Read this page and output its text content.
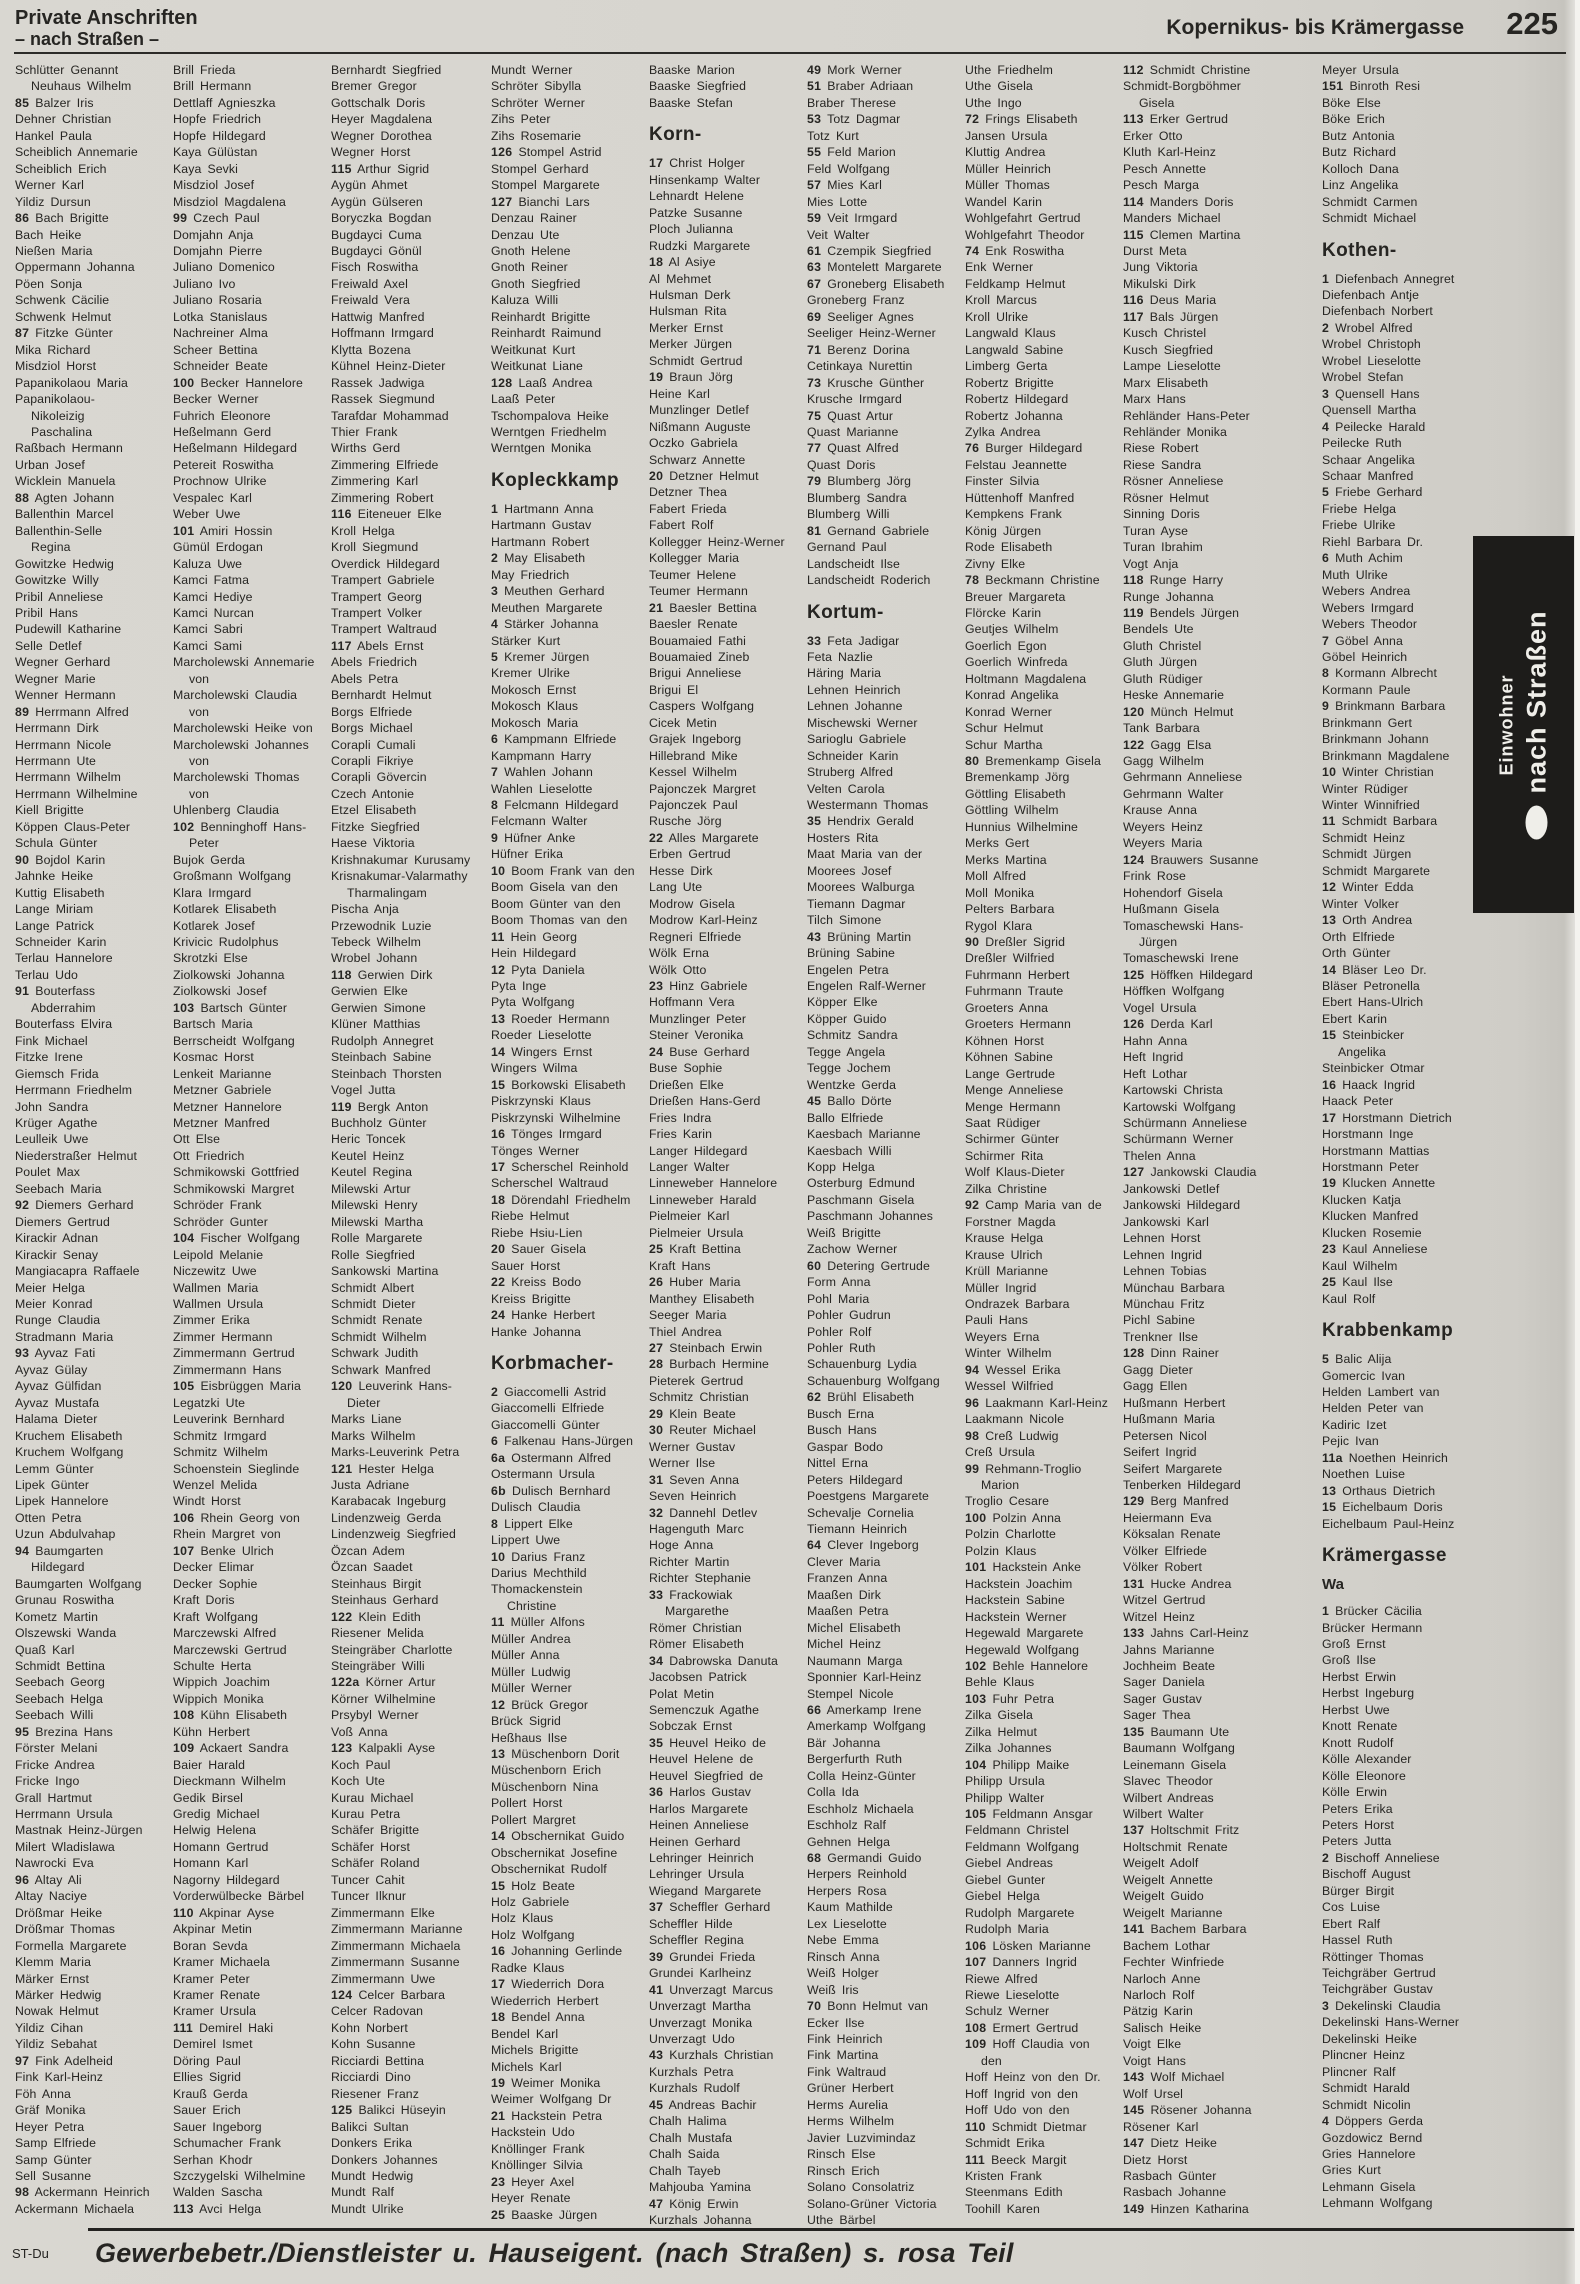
Private Anschriften
– nach Straßen –	Kopernikus- bis Krämergasse 225
Schlütter Genannt
Neuhaus Wilhelm
85 Balzer Iris
Dehner Christian
Hankel Paula
Scheiblich Annemarie
Scheiblich Erich
Werner Karl
Yildiz Dursun
86 Bach Brigitte
Bach Heike
Nießen Maria
Oppermann Johanna
Pöen Sonja
Schwenk Cäcilie
Schwenk Helmut
87 Fitzke Günter
Mika Richard
Misdziol Horst
Papanikolaou Maria
Papanikolaou-
Nikoleizig
Paschalina
Raßbach Hermann
Urban Josef
Wicklein Manuela
88 Agten Johann
Ballenthin Marcel
Ballenthin-Selle
Regina
Gowitzke Hedwig
Gowitzke Willy
Pribil Anneliese
Pribil Hans
Pudewill Katharine
Selle Detlef
Wegner Gerhard
Wegner Marie
Wenner Hermann
89 Herrmann Alfred
Herrmann Dirk
Herrmann Nicole
Herrmann Ute
Herrmann Wilhelm
Herrmann Wilhelmine
Kiell Brigitte
Köppen Claus-Peter
Schula Günter
90 Bojdol Karin
Jahnke Heike
Kuttig Elisabeth
Lange Miriam
Lange Patrick
Schneider Karin
Terlau Hannelore
Terlau Udo
91 Bouterfass
Abderrahim
Bouterfass Elvira
Fink Michael
Fitzke Irene
Giemsch Frida
Herrmann Friedhelm
John Sandra
Krüger Agathe
Leulleik Uwe
Niederstraßer Helmut
Poulet Max
Seebach Maria
92 Diemers Gerhard
Diemers Gertrud
Kirackir Adnan
Kirackir Senay
Mangiacapra Raffaele
Meier Helga
Meier Konrad
Runge Claudia
Stradmann Maria
93 Ayvaz Fati
Ayvaz Gülay
Ayvaz Gülfidan
Ayvaz Mustafa
Halama Dieter
Kruchem Elisabeth
Kruchem Wolfgang
Lemm Günter
Lipek Günter
Lipek Hannelore
Otten Petra
Uzun Abdulvahap
94 Baumgarten
Hildegard
Baumgarten Wolfgang
Grunau Roswitha
Kometz Martin
Olszewski Wanda
Quaß Karl
Schmidt Bettina
Seebach Georg
Seebach Helga
Seebach Willi
95 Brezina Hans
Förster Melani
Fricke Andrea
Fricke Ingo
Grall Hartmut
Herrmann Ursula
Mastnak Heinz-Jürgen
Milert Wladislawa
Nawrocki Eva
96 Altay Ali
Altay Naciye
Drößmar Heike
Drößmar Thomas
Formella Margarete
Klemm Maria
Märker Ernst
Märker Hedwig
Nowak Helmut
Yildiz Cihan
Yildiz Sebahat
97 Fink Adelheid
Fink Karl-Heinz
Föh Anna
Gräf Monika
Heyer Petra
Samp Elfriede
Samp Günter
Sell Susanne
98 Ackermann Heinrich
Ackermann Michaela
Brill Frieda
Brill Hermann
Dettlaff Agnieszka
Hopfe Friedrich
Hopfe Hildegard
Kaya Gülüstan
Kaya Sevki
Misdziol Josef
Misdziol Magdalena
99 Czech Paul
Domjahn Anja
Domjahn Pierre
Juliano Domenico
Juliano Ivo
Juliano Rosaria
Lotka Stanislaus
Nachreiner Alma
Scheer Bettina
Schneider Beate
100 Becker Hannelore
Becker Werner
Fuhrich Eleonore
Heßelmann Gerd
Heßelmann Hildegard
Petereit Roswitha
Prochnow Ulrike
Vespalec Karl
Weber Uwe
101 Amiri Hossin
Gümül Erdogan
Kaluza Uwe
Kamci Fatma
Kamci Hediye
Kamci Nurcan
Kamci Sabri
Kamci Sami
Marcholewski Annemarie
von
Marcholewski Claudia
von
Marcholewski Heike von
Marcholewski Johannes
von
Marcholewski Thomas
von
Uhlenberg Claudia
102 Benninghoff Hans-
Peter
Bujok Gerda
Großmann Wolfgang
Klara Irmgard
Kotlarek Elisabeth
Kotlarek Josef
Krivicic Rudolphus
Skrotzki Else
Ziolkowski Johanna
Ziolkowski Josef
103 Bartsch Günter
Bartsch Maria
Berrscheidt Wolfgang
Kosmac Horst
Lenkeit Marianne
Metzner Gabriele
Metzner Hannelore
Metzner Manfred
Ott Else
Ott Friedrich
Schmikowski Gottfried
Schmikowski Margret
Schröder Frank
Schröder Gunter
104 Fischer Wolfgang
Leipold Melanie
Niczewitz Uwe
Wallmen Maria
Wallmen Ursula
Zimmer Erika
Zimmer Hermann
Zimmermann Gertrud
Zimmermann Hans
105 Eisbrüggen Maria
Legatzki Ute
Leuverink Bernhard
Schmitz Irmgard
Schmitz Wilhelm
Schoenstein Sieglinde
Wenzel Melida
Windt Horst
106 Rhein Georg von
Rhein Margret von
107 Benke Ulrich
Decker Elimar
Decker Sophie
Kraft Doris
Kraft Wolfgang
Marczewski Alfred
Marczewski Gertrud
Schulte Herta
Wippich Joachim
Wippich Monika
108 Kühn Elisabeth
Kühn Herbert
109 Ackaert Sandra
Baier Harald
Dieckmann Wilhelm
Gedik Birsel
Gredig Michael
Helwig Helena
Homann Gertrud
Homann Karl
Nagorny Hildegard
Vorderwülbecke Bärbel
110 Akpinar Ayse
Akpinar Metin
Boran Sevda
Kramer Michaela
Kramer Peter
Kramer Renate
Kramer Ursula
111 Demirel Haki
Demirel Ismet
Döring Paul
Ellies Sigrid
Krauß Gerda
Sauer Erich
Sauer Ingeborg
Schumacher Frank
Serhan Khodr
Szczygelski Wilhelmine
Walden Sascha
113 Avci Helga
Bernhardt Siegfried
Bremer Gregor
Gottschalk Doris
Heyer Magdalena
Wegner Dorothea
Wegner Horst
115 Arthur Sigrid
Aygün Ahmet
Aygün Gülseren
Boryczka Bogdan
Bugdayci Cuma
Bugdayci Gönül
Fisch Roswitha
Freiwald Axel
Freiwald Vera
Hattwig Manfred
Hoffmann Irmgard
Klytta Bozena
Kühnel Heinz-Dieter
Rassek Jadwiga
Rassek Siegmund
Tarafdar Mohammad
Thier Frank
Wirths Gerd
Zimmering Elfriede
Zimmering Karl
Zimmering Robert
116 Eiteneuer Elke
Kroll Helga
Kroll Siegmund
Overdick Hildegard
Trampert Gabriele
Trampert Georg
Trampert Volker
Trampert Waltraud
117 Abels Ernst
Abels Friedrich
Abels Petra
Bernhardt Helmut
Borgs Elfriede
Borgs Michael
Corapli Cumali
Corapli Fikriye
Corapli Gövercin
Czech Antonie
Etzel Elisabeth
Fitzke Siegfried
Haese Viktoria
Krishnakumar Kurusamy
Krisnakumar-Valarmathy
Tharmalingam
Pischa Anja
Przewodnik Luzie
Tebeck Wilhelm
Wrobel Johann
118 Gerwien Dirk
Gerwien Elke
Gerwien Simone
Klüner Matthias
Rudolph Annegret
Steinbach Sabine
Steinbach Thorsten
Vogel Jutta
119 Bergk Anton
Buchholz Günter
Heric Toncek
Keutel Heinz
Keutel Regina
Milewski Artur
Milewski Henry
Milewski Martha
Rolle Margarete
Rolle Siegfried
Sankowski Martina
Schmidt Albert
Schmidt Dieter
Schmidt Renate
Schmidt Wilhelm
Schwark Judith
Schwark Manfred
120 Leuverink Hans-
Dieter
Marks Liane
Marks Wilhelm
Marks-Leuverink Petra
121 Hester Helga
Justa Adriane
Karabacak Ingeburg
Lindenzweig Gerda
Lindenzweig Siegfried
Özcan Adem
Özcan Saadet
Steinhaus Birgit
Steinhaus Gerhard
122 Klein Edith
Riesener Melida
Steingräber Charlotte
Steingräber Willi
122a Körner Artur
Körner Wilhelmine
Prsybyl Werner
Voß Anna
123 Kalpakli Ayse
Koch Paul
Koch Ute
Kurau Michael
Kurau Petra
Schäfer Brigitte
Schäfer Horst
Schäfer Roland
Tuncer Cahit
Tuncer Ilknur
Zimmermann Elke
Zimmermann Marianne
Zimmermann Michaela
Zimmermann Susanne
Zimmermann Uwe
124 Celcer Barbara
Celcer Radovan
Kohn Norbert
Kohn Susanne
Ricciardi Bettina
Ricciardi Dino
Riesener Franz
125 Balikci Hüseyin
Balikci Sultan
Donkers Erika
Donkers Johannes
Mundt Hedwig
Mundt Ralf
Mundt Ulrike
Mundt Werner
Schröter Sibylla
Schröter Werner
Zihs Peter
Zihs Rosemarie
126 Stompel Astrid
Stompel Gerhard
Stompel Margarete
127 Bianchi Lars
Denzau Rainer
Denzau Ute
Gnoth Helene
Gnoth Reiner
Gnoth Siegfried
Kaluza Willi
Reinhardt Brigitte
Reinhardt Raimund
Weitkunat Kurt
Weitkunat Liane
128 Laaß Andrea
Laaß Peter
Tschompalova Heike
Werntgen Friedhelm
Werntgen Monika
Kopleckkamp
1 Hartmann Anna
Hartmann Gustav
Hartmann Robert
2 May Elisabeth
May Friedrich
3 Meuthen Gerhard
Meuthen Margarete
4 Stärker Johanna
Stärker Kurt
5 Kremer Jürgen
Kremer Ulrike
Mokosch Ernst
Mokosch Klaus
Mokosch Maria
6 Kampmann Elfriede
Kampmann Harry
7 Wahlen Johann
Wahlen Lieselotte
8 Felcmann Hildegard
Felcmann Walter
9 Hüfner Anke
Hüfner Erika
10 Boom Frank van den
Boom Gisela van den
Boom Günter van den
Boom Thomas van den
11 Hein Georg
Hein Hildegard
12 Pyta Daniela
Pyta Inge
Pyta Wolfgang
13 Roeder Hermann
Roeder Lieselotte
14 Wingers Ernst
Wingers Wilma
15 Borkowski Elisabeth
Piskrzynski Klaus
Piskrzynski Wilhelmine
16 Tönges Irmgard
Tönges Werner
17 Scherschel Reinhold
Scherschel Waltraud
18 Dörendahl Friedhelm
Riebe Helmut
Riebe Hsiu-Lien
20 Sauer Gisela
Sauer Horst
22 Kreiss Bodo
Kreiss Brigitte
24 Hanke Herbert
Hanke Johanna
Korbmacher-
2 Giaccomelli Astrid
Giaccomelli Elfriede
Giaccomelli Günter
6 Falkenau Hans-Jürgen
6a Ostermann Alfred
Ostermann Ursula
6b Dulisch Bernhard
Dulisch Claudia
8 Lippert Elke
Lippert Uwe
10 Darius Franz
Darius Mechthild
Thomackenstein
Christine
11 Müller Alfons
Müller Andrea
Müller Anna
Müller Ludwig
Müller Werner
12 Brück Gregor
Brück Sigrid
Heßhaus Ilse
13 Müschenborn Dorit
Müschenborn Erich
Müschenborn Nina
Pollert Horst
Pollert Margret
14 Obschernikat Guido
Obschernikat Josefine
Obschernikat Rudolf
15 Holz Beate
Holz Gabriele
Holz Klaus
Holz Wolfgang
16 Johanning Gerlinde
Radke Klaus
17 Wiederrich Dora
Wiederrich Herbert
18 Bendel Anna
Bendel Karl
Michels Brigitte
Michels Karl
19 Weimer Monika
Weimer Wolfgang Dr
21 Hackstein Petra
Hackstein Udo
Knöllinger Frank
Knöllinger Silvia
23 Heyer Axel
Heyer Renate
25 Baaske Jürgen
Baaske Marion
Baaske Siegfried
Baaske Stefan
Korn-
17 Christ Holger
Hinsenkamp Walter
Lehnardt Helene
Patzke Susanne
Ploch Julianna
Rudzki Margarete
18 Al Asiye
Al Mehmet
Hulsman Derk
Hulsman Rita
Merker Ernst
Merker Jürgen
Schmidt Gertrud
19 Braun Jörg
Heine Karl
Munzlinger Detlef
Nißmann Auguste
Oczko Gabriela
Schwarz Annette
20 Detzner Helmut
Detzner Thea
Fabert Frieda
Fabert Rolf
Kollegger Heinz-Werner
Kollegger Maria
Teumer Helene
Teumer Hermann
21 Baesler Bettina
Baesler Renate
Bouamaied Fathi
Bouamaied Zineb
Brigui Anneliese
Brigui El
Caspers Wolfgang
Cicek Metin
Grajek Ingeborg
Hillebrand Mike
Kessel Wilhelm
Pajonczek Margret
Pajonczek Paul
Rusche Jörg
22 Alles Margarete
Erben Gertrud
Hesse Dirk
Lang Ute
Modrow Gisela
Modrow Karl-Heinz
Regneri Elfriede
Wölk Erna
Wölk Otto
23 Hinz Gabriele
Hoffmann Vera
Munzlinger Peter
Steiner Veronika
24 Buse Gerhard
Buse Sophie
Drießen Elke
Drießen Hans-Gerd
Fries Indra
Fries Karin
Langer Hildegard
Langer Walter
Linneweber Hannelore
Linneweber Harald
Pielmeier Karl
Pielmeier Ursula
25 Kraft Bettina
Kraft Hans
26 Huber Maria
Manthey Elisabeth
Seeger Maria
Thiel Andrea
27 Steinbach Erwin
28 Burbach Hermine
Pieterek Gertrud
Schmitz Christian
29 Klein Beate
30 Reuter Michael
Werner Gustav
Werner Ilse
31 Seven Anna
Seven Heinrich
32 Dannehl Detlev
Hagenguth Marc
Hoge Anna
Richter Martin
Richter Stephanie
33 Frackowiak
Margarethe
Römer Christian
Römer Elisabeth
34 Dabrowska Danuta
Jacobsen Patrick
Polat Metin
Semenczuk Agathe
Sobczak Ernst
35 Heuvel Heiko de
Heuvel Helene de
Heuvel Siegfried de
36 Harlos Gustav
Harlos Margarete
Heinen Anneliese
Heinen Gerhard
Lehringer Heinrich
Lehringer Ursula
Wiegand Margarete
37 Scheffler Gerhard
Scheffler Hilde
Scheffler Regina
39 Grundei Frieda
Grundei Karlheinz
41 Unverzagt Marcus
Unverzagt Martha
Unverzagt Monika
Unverzagt Udo
43 Kurzhals Christian
Kurzhals Petra
Kurzhals Rudolf
45 Andreas Bachir
Chalh Halima
Chalh Mustafa
Chalh Saida
Chalh Tayeb
Mahjouba Yamina
47 König Erwin
Kurzhals Johanna
49 Mork Werner
51 Braber Adriaan
Braber Therese
53 Totz Dagmar
Totz Kurt
55 Feld Marion
Feld Wolfgang
57 Mies Karl
Mies Lotte
59 Veit Irmgard
Veit Walter
61 Czempik Siegfried
63 Montelett Margarete
67 Groneberg Elisabeth
Groneberg Franz
69 Seeliger Agnes
Seeliger Heinz-Werner
71 Berenz Dorina
Cetinkaya Nurettin
73 Krusche Günther
Krusche Irmgard
75 Quast Artur
Quast Marianne
77 Quast Alfred
Quast Doris
79 Blumberg Jörg
Blumberg Sandra
Blumberg Willi
81 Gernand Gabriele
Gernand Paul
Landscheidt Ilse
Landscheidt Roderich
Kortum-
33 Feta Jadigar
Feta Nazlie
Häring Maria
Lehnen Heinrich
Lehnen Johanne
Mischewski Werner
Sarioglu Gabriele
Schneider Karin
Struberg Alfred
Velten Carola
Westermann Thomas
35 Hendrix Gerald
Hosters Rita
Maat Maria van der
Moorees Josef
Moorees Walburga
Tiemann Dagmar
Tilch Simone
43 Brüning Martin
Brüning Sabine
Engelen Petra
Engelen Ralf-Werner
Köpper Elke
Köpper Guido
Schmitz Sandra
Tegge Angela
Tegge Jochem
Wentzke Gerda
45 Ballo Dörte
Ballo Elfriede
Kaesbach Marianne
Kaesbach Willi
Kopp Helga
Osterburg Edmund
Paschmann Gisela
Paschmann Johannes
Weiß Brigitte
Zachow Werner
60 Detering Gertrude
Form Anna
Pohl Maria
Pohler Gudrun
Pohler Rolf
Pohler Ruth
Schauenburg Lydia
Schauenburg Wolfgang
62 Brühl Elisabeth
Busch Erna
Busch Hans
Gaspar Bodo
Nittel Erna
Peters Hildegard
Poestgens Margarete
Schevalje Cornelia
Tiemann Heinrich
64 Clever Ingeborg
Clever Maria
Franzen Anna
Maaßen Dirk
Maaßen Petra
Michel Elisabeth
Michel Heinz
Naumann Marga
Sponnier Karl-Heinz
Stempel Nicole
66 Amerkamp Irene
Amerkamp Wolfgang
Bär Johanna
Bergerfurth Ruth
Colla Heinz-Günter
Colla Ida
Eschholz Michaela
Eschholz Ralf
Gehnen Helga
68 Germandi Guido
Herpers Reinhold
Herpers Rosa
Kaum Mathilde
Lex Lieselotte
Nebe Emma
Rinsch Anna
Weiß Holger
Weiß Iris
70 Bonn Helmut van
Ecker Ilse
Fink Heinrich
Fink Martina
Fink Waltraud
Grüner Herbert
Herms Aurelia
Herms Wilhelm
Javier Luzvimindaz
Rinsch Else
Rinsch Erich
Solano Consolatriz
Solano-Grüner Victoria
Uthe Bärbel
Uthe Friedhelm
Uthe Gisela
Uthe Ingo
72 Frings Elisabeth
Jansen Ursula
Kluttig Andrea
Müller Heinrich
Müller Thomas
Wandel Karin
Wohlgefahrt Gertrud
Wohlgefahrt Theodor
74 Enk Roswitha
Enk Werner
Feldkamp Helmut
Kroll Marcus
Kroll Ulrike
Langwald Klaus
Langwald Sabine
Limberg Gerta
Robertz Brigitte
Robertz Hildegard
Robertz Johanna
Zylka Andrea
76 Burger Hildegard
Felstau Jeannette
Finster Silvia
Hüttenhoff Manfred
Kempkens Frank
König Jürgen
Rode Elisabeth
Zivny Elke
78 Beckmann Christine
Breuer Margareta
Flörcke Karin
Geutjes Wilhelm
Goerlich Egon
Goerlich Winfreda
Holtmann Magdalena
Konrad Angelika
Konrad Werner
Schur Helmut
Schur Martha
80 Bremenkamp Gisela
Bremenkamp Jörg
Göttling Elisabeth
Göttling Wilhelm
Hunnius Wilhelmine
Merks Gert
Merks Martina
Moll Alfred
Moll Monika
Pelters Barbara
Rygol Klara
90 Dreßler Sigrid
Dreßler Wilfried
Fuhrmann Herbert
Fuhrmann Traute
Groeters Anna
Groeters Hermann
Köhnen Horst
Köhnen Sabine
Lange Gertrude
Menge Anneliese
Menge Hermann
Saat Rüdiger
Schirmer Günter
Schirmer Rita
Wolf Klaus-Dieter
Zilka Christine
92 Camp Maria van de
Forstner Magda
Krause Helga
Krause Ulrich
Krüll Marianne
Müller Ingrid
Ondrazek Barbara
Pauli Hans
Weyers Erna
Winter Wilhelm
94 Wessel Erika
Wessel Wilfried
96 Laakmann Karl-Heinz
Laakmann Nicole
98 Creß Ludwig
Creß Ursula
99 Rehmann-Troglio
Marion
Troglio Cesare
100 Polzin Anna
Polzin Charlotte
Polzin Klaus
101 Hackstein Anke
Hackstein Joachim
Hackstein Sabine
Hackstein Werner
Hegewald Margarete
Hegewald Wolfgang
102 Behle Hannelore
Behle Klaus
103 Fuhr Petra
Zilka Gisela
Zilka Helmut
Zilka Johannes
104 Philipp Maike
Philipp Ursula
Philipp Walter
105 Feldmann Ansgar
Feldmann Christel
Feldmann Wolfgang
Giebel Andreas
Giebel Gunter
Giebel Helga
Rudolph Margarete
Rudolph Maria
106 Lösken Marianne
107 Danners Ingrid
Riewe Alfred
Riewe Lieselotte
Schulz Werner
108 Ermert Gertrud
109 Hoff Claudia von
den
Hoff Heinz von den Dr.
Hoff Ingrid von den
Hoff Udo von den
110 Schmidt Dietmar
Schmidt Erika
111 Beeck Margit
Kristen Frank
Steenmans Edith
Toohill Karen
112 Schmidt Christine
Schmidt-Borgböhmer
Gisela
113 Erker Gertrud
Erker Otto
Kluth Karl-Heinz
Pesch Annette
Pesch Marga
114 Manders Doris
Manders Michael
115 Clemen Martina
Durst Meta
Jung Viktoria
Mikulski Dirk
116 Deus Maria
117 Bals Jürgen
Kusch Christel
Kusch Siegfried
Lampe Lieselotte
Marx Elisabeth
Marx Hans
Rehländer Hans-Peter
Rehländer Monika
Riese Robert
Riese Sandra
Rösner Anneliese
Rösner Helmut
Sinning Doris
Turan Ayse
Turan Ibrahim
Vogt Anja
118 Runge Harry
Runge Johanna
119 Bendels Jürgen
Bendels Ute
Gluth Christel
Gluth Jürgen
Gluth Rüdiger
Heske Annemarie
120 Münch Helmut
Tank Barbara
122 Gagg Elsa
Gagg Wilhelm
Gehrmann Anneliese
Gehrmann Walter
Krause Anna
Weyers Heinz
Weyers Maria
124 Brauwers Susanne
Frink Rose
Hohendorf Gisela
Hußmann Gisela
Tomaschewski Hans-
Jürgen
Tomaschewski Irene
125 Höffken Hildegard
Höffken Wolfgang
Vogel Ursula
126 Derda Karl
Hahn Anna
Heft Ingrid
Heft Lothar
Kartowski Christa
Kartowski Wolfgang
Schürmann Anneliese
Schürmann Werner
Thelen Anna
127 Jankowski Claudia
Jankowski Detlef
Jankowski Hildegard
Jankowski Karl
Lehnen Horst
Lehnen Ingrid
Lehnen Tobias
Münchau Barbara
Münchau Fritz
Pichl Sabine
Trenkner Ilse
128 Dinn Rainer
Gagg Dieter
Gagg Ellen
Hußmann Herbert
Hußmann Maria
Petersen Nicol
Seifert Ingrid
Seifert Margarete
Tenberken Hildegard
129 Berg Manfred
Heiermann Eva
Köksalan Renate
Völker Elfriede
Völker Robert
131 Hucke Andrea
Witzel Gertrud
Witzel Heinz
133 Jahns Carl-Heinz
Jahns Marianne
Jochheim Beate
Sager Daniela
Sager Gustav
Sager Thea
135 Baumann Ute
Baumann Wolfgang
Leinemann Gisela
Slavec Theodor
Wilbert Andreas
Wilbert Walter
137 Holtschmit Fritz
Holtschmit Renate
Weigelt Adolf
Weigelt Annette
Weigelt Guido
Weigelt Marianne
141 Bachem Barbara
Bachem Lothar
Fechter Winfriede
Narloch Anne
Narloch Rolf
Pätzig Karin
Salisch Heike
Voigt Elke
Voigt Hans
143 Wolf Michael
Wolf Ursel
145 Rösener Johanna
Rösener Karl
147 Dietz Heike
Dietz Horst
Rasbach Günter
Rasbach Johanne
149 Hinzen Katharina
Meyer Ursula
151 Binroth Resi
Böke Else
Böke Erich
Butz Antonia
Butz Richard
Kolloch Dana
Linz Angelika
Schmidt Carmen
Schmidt Michael
Kothen-
1 Diefenbach Annegret
Diefenbach Antje
Diefenbach Norbert
2 Wrobel Alfred
Wrobel Christoph
Wrobel Lieselotte
Wrobel Stefan
3 Quensell Hans
Quensell Martha
4 Peilecke Harald
Peilecke Ruth
Schaar Angelika
Schaar Manfred
5 Friebe Gerhard
Friebe Helga
Friebe Ulrike
Riehl Barbara Dr.
6 Muth Achim
Muth Ulrike
Webers Andrea
Webers Irmgard
Webers Theodor
7 Göbel Anna
Göbel Heinrich
8 Kormann Albrecht
Kormann Paule
9 Brinkmann Barbara
Brinkmann Gert
Brinkmann Johann
Brinkmann Magdalene
10 Winter Christian
Winter Rüdiger
Winter Winnifried
11 Schmidt Barbara
Schmidt Heinz
Schmidt Jürgen
Schmidt Margarete
12 Winter Edda
Winter Volker
13 Orth Andrea
Orth Elfriede
Orth Günter
14 Bläser Leo Dr.
Bläser Petronella
Ebert Hans-Ulrich
Ebert Karin
15 Steinbicker
Angelika
Steinbicker Otmar
16 Haack Ingrid
Haack Peter
17 Horstmann Dietrich
Horstmann Inge
Horstmann Mattias
Horstmann Peter
19 Klucken Annette
Klucken Katja
Klucken Manfred
Klucken Rosemie
23 Kaul Anneliese
Kaul Wilhelm
25 Kaul Ilse
Kaul Rolf
Krabbenkamp
5 Balic Alija
Gomercic Ivan
Helden Lambert van
Helden Peter van
Kadiric Izet
Pejic Ivan
11a Noethen Heinrich
Noethen Luise
13 Orthaus Dietrich
15 Eichelbaum Doris
Eichelbaum Paul-Heinz
Krämergasse
Wa
1 Brücker Cäcilia
Brücker Hermann
Groß Ernst
Groß Ilse
Herbst Erwin
Herbst Ingeburg
Herbst Uwe
Knott Renate
Knott Rudolf
Kölle Alexander
Kölle Eleonore
Kölle Erwin
Peters Erika
Peters Horst
Peters Jutta
2 Bischoff Anneliese
Bischoff August
Bürger Birgit
Cos Luise
Ebert Ralf
Hassel Ruth
Röttinger Thomas
Teichgräber Gertrud
Teichgräber Gustav
3 Dekelinski Claudia
Dekelinski Hans-Werner
Dekelinski Heike
Plincner Heinz
Plincner Ralf
Schmidt Harald
Schmidt Nicolin
4 Döppers Gerda
Gozdowicz Bernd
Gries Hannelore
Gries Kurt
Lehmann Gisela
Lehmann Wolfgang
Einwohner nach Straßen
Gewerbebetr./Dienstleister u. Hauseigent. (nach Straßen) s. rosa Teil
ST-Du
